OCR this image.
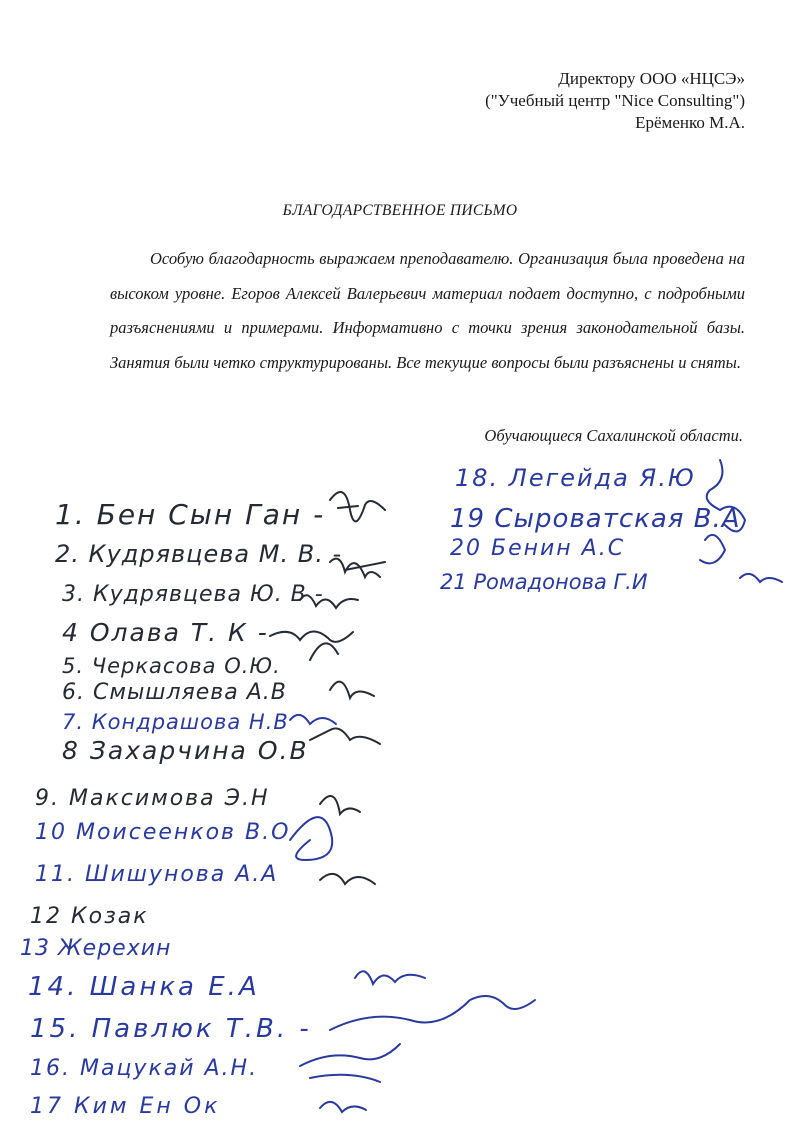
Директору ООО «НЦСЭ»
("Учебный центр "Nice Consulting")
Ерёменко М.А.
БЛАГОДАРСТВЕННОЕ ПИСЬМО
Особую благодарность выражаем преподавателю. Организация была проведена на высоком уровне. Егоров Алексей Валерьевич материал подает доступно, с подробными разъяснениями и примерами. Информативно с точки зрения законодательной базы. Занятия были четко структурированы. Все текущие вопросы были разъяснены и сняты.
Обучающиеся Сахалинской области.
1. Бен Сын Ган -
2. Кудрявцева М. В. -
3. Кудрявцева Ю. В -
4 Олава Т. К -
5. Черкасова О.Ю.
6. Смышляева А.В
7. Кондрашова Н.В
8 Захарчина О.В
9. Максимова Э.Н
10 Моисеенков В.О
11. Шишунова А.А
12 Козак
13 Жерехин
14. Шанка Е.А
15. Павлюк Т.В. -
16. Мацукай А.Н.
17 Ким Ен Ок
18. Легейда Я.Ю
19 Сыроватская В.А
20 Бенин А.С
21 Ромадонова Г.И
